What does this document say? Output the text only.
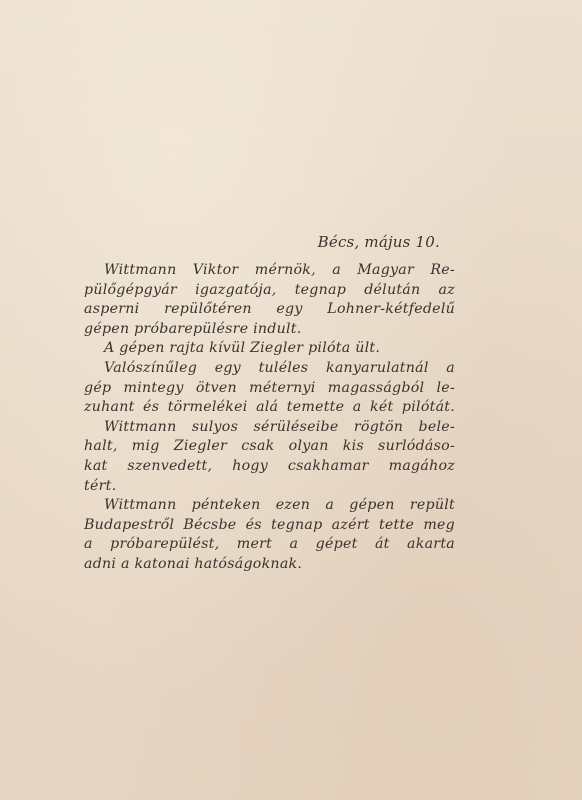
Bécs, május 10.
Wittmann Viktor mérnök, a Magyar Re-
pülőgépgyár igazgatója, tegnap délután az
asperni repülőtéren egy Lohner-kétfedelű
gépen próbarepülésre indult.
A gépen rajta kívül Ziegler pilóta ült.
Valószínűleg egy tuléles kanyarulatnál a
gép mintegy ötven méternyi magasságból le-
zuhant és törmelékei alá temette a két pilótát.
Wittmann sulyos sérüléseibe rögtön bele-
halt, mig Ziegler csak olyan kis surlódáso-
kat szenvedett, hogy csakhamar magához
tért.
Wittmann pénteken ezen a gépen repült
Budapestről Bécsbe és tegnap azért tette meg
a próbarepülést, mert a gépet át akarta
adni a katonai hatóságoknak.
